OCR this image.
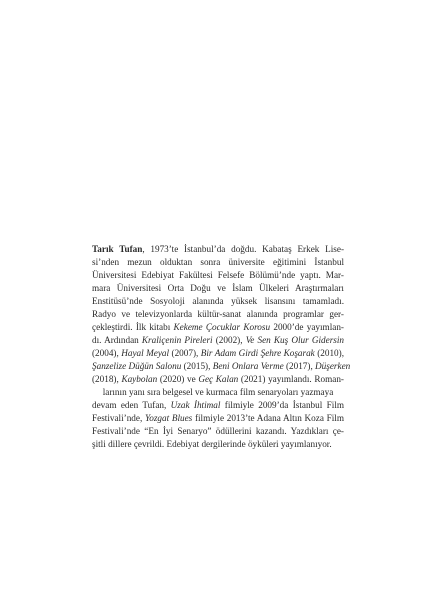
Tarık Tufan, 1973’te İstanbul’da doğdu. Kabataş Erkek Lise-
si’nden mezun olduktan sonra üniversite eğitimini İstanbul
Üniversitesi Edebiyat Fakültesi Felsefe Bölümü’nde yaptı. Mar-
mara Üniversitesi Orta Doğu ve İslam Ülkeleri Araştırmaları
Enstitüsü’nde Sosyoloji alanında yüksek lisansını tamamladı.
Radyo ve televizyonlarda kültür-sanat alanında programlar ger-
çekleştirdi. İlk kitabı Kekeme Çocuklar Korosu 2000’de yayımlan-
dı. Ardından Kraliçenin Pireleri (2002), Ve Sen Kuş Olur Gidersin
(2004), Hayal Meyal (2007), Bir Adam Girdi Şehre Koşarak (2010),
Şanzelize Düğün Salonu (2015), Beni Onlara Verme (2017), Düşerken
(2018), Kaybolan (2020) ve Geç Kalan (2021) yayımlandı. Roman-
larının yanı sıra belgesel ve kurmaca film senaryoları yazmaya
devam eden Tufan, Uzak İhtimal filmiyle 2009’da İstanbul Film
Festivali’nde, Yozgat Blues filmiyle 2013’te Adana Altın Koza Film
Festivali’nde “En İyi Senaryo” ödüllerini kazandı. Yazdıkları çe-
şitli dillere çevrildi. Edebiyat dergilerinde öyküleri yayımlanıyor.
